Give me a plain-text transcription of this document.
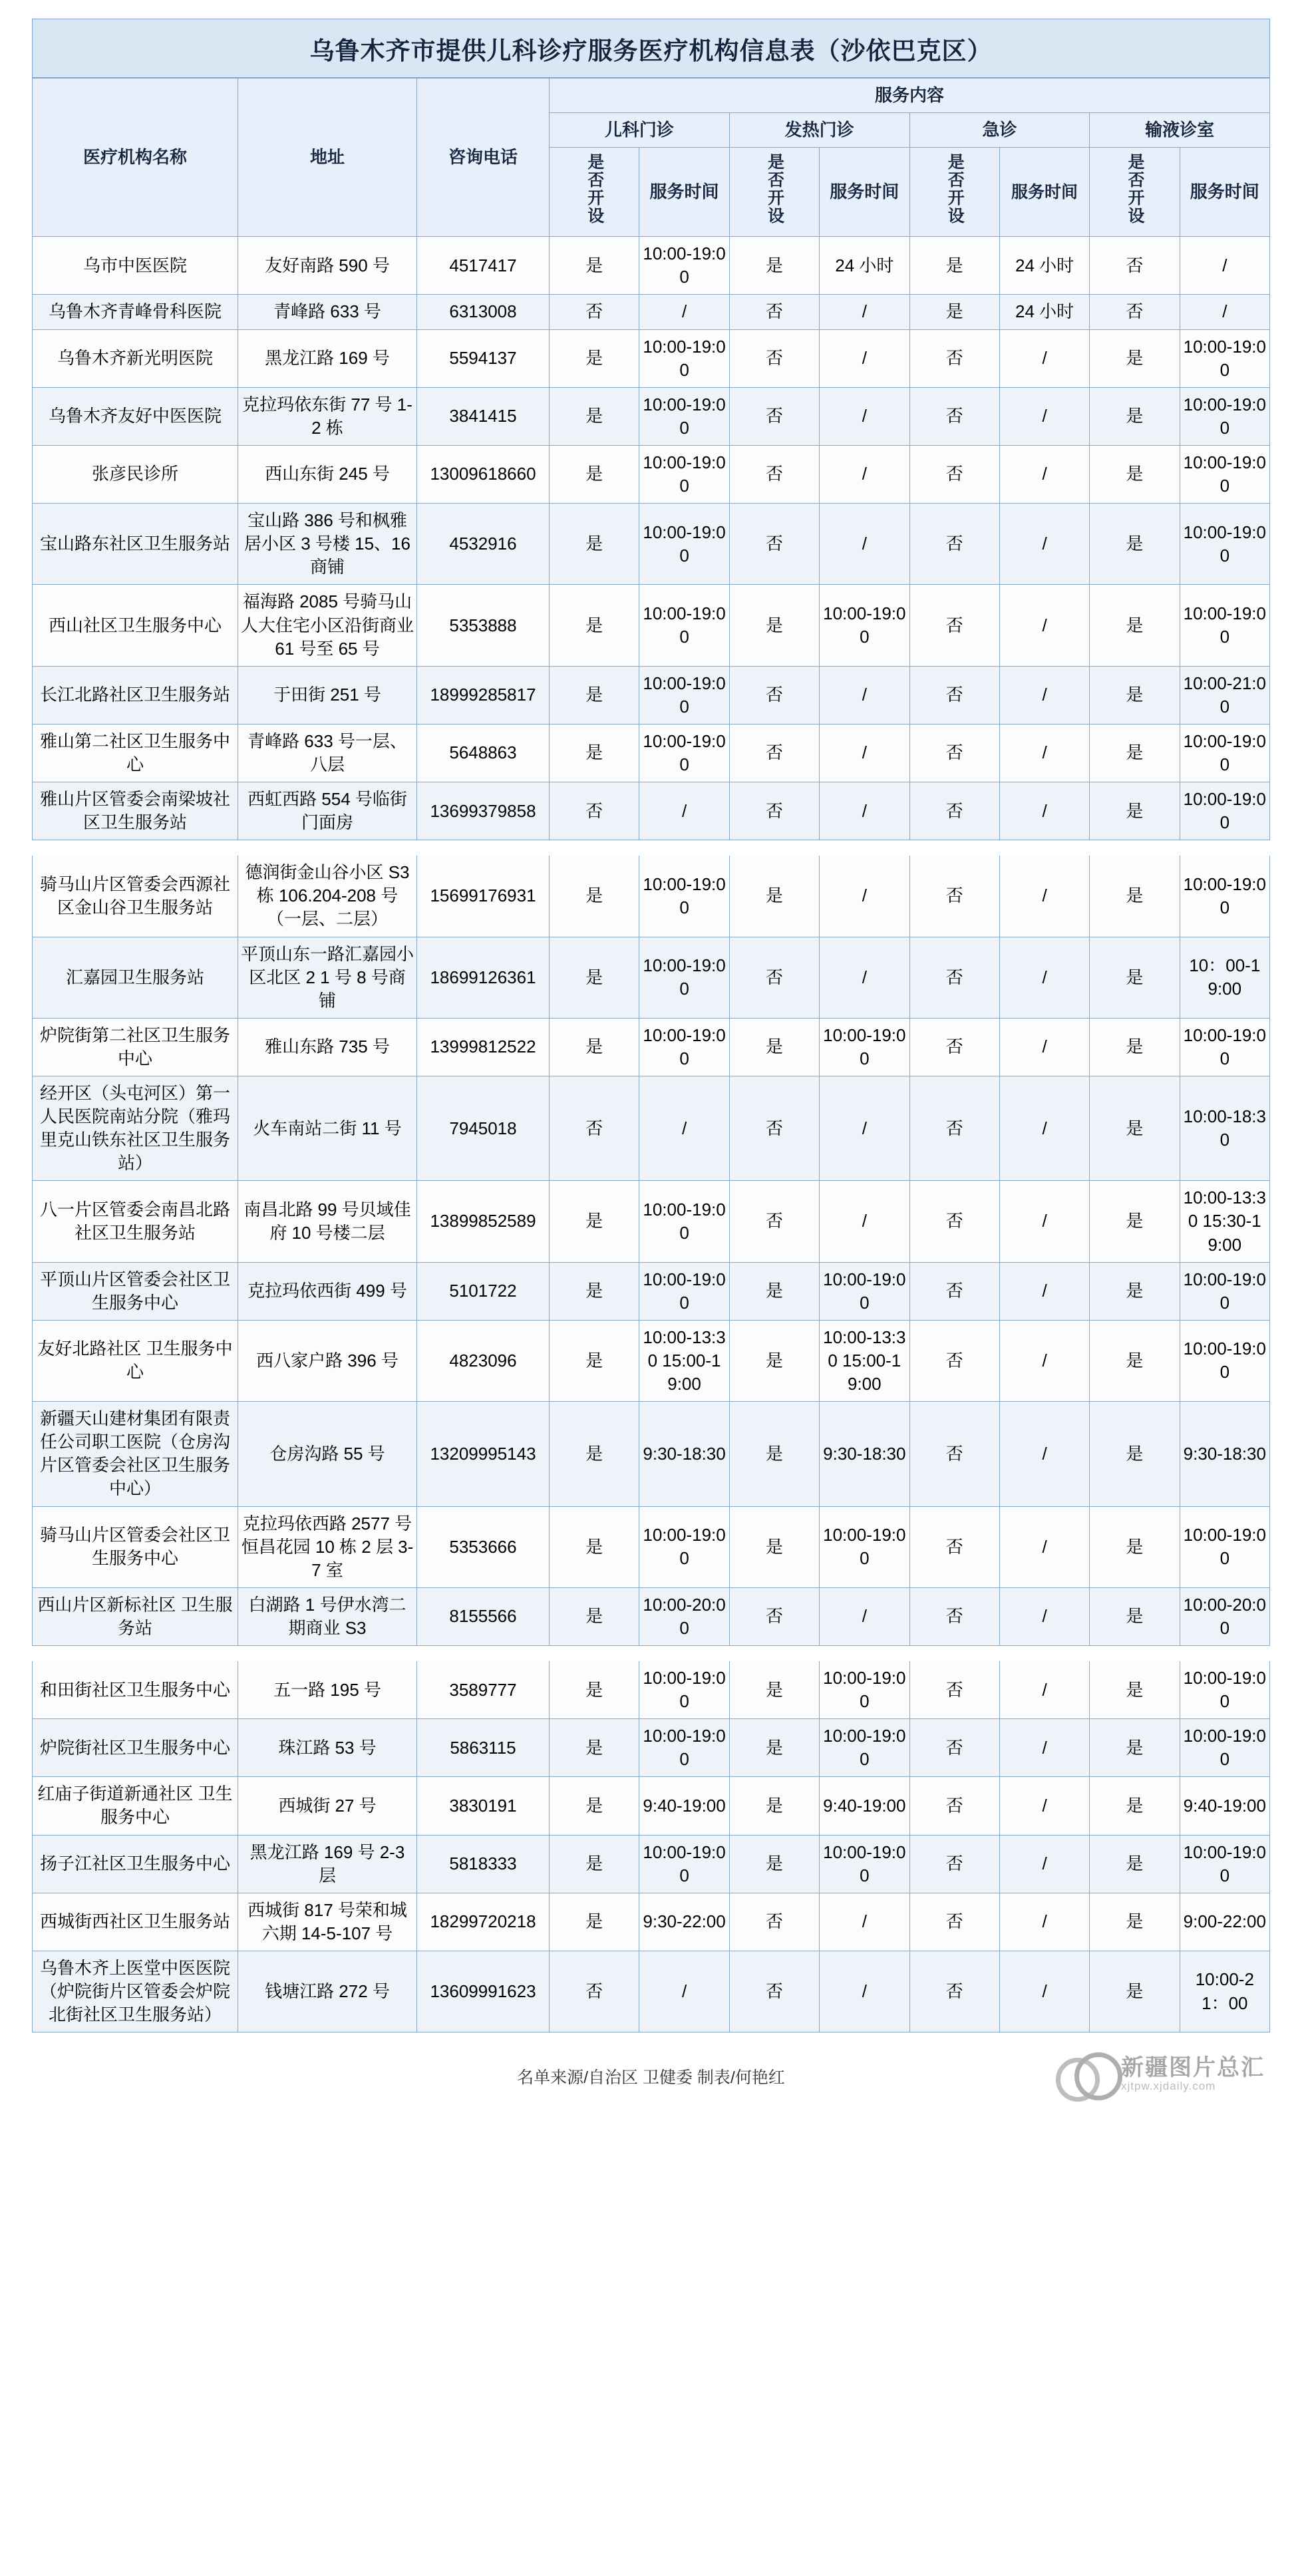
乌鲁木齐市提供儿科诊疗服务医疗机构信息表（沙依巴克区）
医疗机构名称	地址	咨询电话	服务内容							
			儿科门诊		发热门诊		急诊		输液诊室	
			是否开设	服务时间	是否开设	服务时间	是否开设	服务时间	是否开设	服务时间
乌市中医医院	友好南路 590 号	4517417	是	10:00-19:00	是	24 小时	是	24 小时	否	/
乌鲁木齐青峰骨科医院	青峰路 633 号	6313008	否	/	否	/	是	24 小时	否	/
乌鲁木齐新光明医院	黑龙江路 169 号	5594137	是	10:00-19:00	否	/	否	/	是	10:00-19:00
乌鲁木齐友好中医医院	克拉玛依东街 77 号 1-2 栋	3841415	是	10:00-19:00	否	/	否	/	是	10:00-19:00
张彦民诊所	西山东街 245 号	13009618660	是	10:00-19:00	否	/	否	/	是	10:00-19:00
宝山路东社区卫生服务站	宝山路 386 号和枫雅居小区 3 号楼 15、16 商铺	4532916	是	10:00-19:00	否	/	否	/	是	10:00-19:00
西山社区卫生服务中心	福海路 2085 号骑马山人大住宅小区沿街商业 61 号至 65 号	5353888	是	10:00-19:00	是	10:00-19:00	否	/	是	10:00-19:00
长江北路社区卫生服务站	于田街 251 号	18999285817	是	10:00-19:00	否	/	否	/	是	10:00-21:00
雅山第二社区卫生服务中心	青峰路 633 号一层、八层	5648863	是	10:00-19:00	否	/	否	/	是	10:00-19:00
雅山片区管委会南梁坡社区卫生服务站	西虹西路 554 号临街门面房	13699379858	否	/	否	/	否	/	是	10:00-19:00

骑马山片区管委会西源社区金山谷卫生服务站	德润街金山谷小区 S3 栋 106.204-208 号（一层、二层）	15699176931	是	10:00-19:00	是	/	否	/	是	10:00-19:00
汇嘉园卫生服务站	平顶山东一路汇嘉园小区北区 2 1 号 8 号商铺	18699126361	是	10:00-19:00	否	/	否	/	是	10：00-19:00
炉院街第二社区卫生服务中心	雅山东路 735 号	13999812522	是	10:00-19:00	是	10:00-19:00	否	/	是	10:00-19:00
经开区（头屯河区）第一人民医院南站分院（雅玛里克山铁东社区卫生服务站）	火车南站二街 11 号	7945018	否	/	否	/	否	/	是	10:00-18:30
八一片区管委会南昌北路社区卫生服务站	南昌北路 99 号贝域佳府 10 号楼二层	13899852589	是	10:00-19:00	否	/	否	/	是	10:00-13:30 15:30-19:00
平顶山片区管委会社区卫生服务中心	克拉玛依西街 499 号	5101722	是	10:00-19:00	是	10:00-19:00	否	/	是	10:00-19:00
友好北路社区 卫生服务中心	西八家户路 396 号	4823096	是	10:00-13:30 15:00-19:00	是	10:00-13:30 15:00-19:00	否	/	是	10:00-19:00
新疆天山建材集团有限责任公司职工医院（仓房沟片区管委会社区卫生服务中心）	仓房沟路 55 号	13209995143	是	9:30-18:30	是	9:30-18:30	否	/	是	9:30-18:30
骑马山片区管委会社区卫生服务中心	克拉玛依西路 2577 号恒昌花园 10 栋 2 层 3-7 室	5353666	是	10:00-19:00	是	10:00-19:00	否	/	是	10:00-19:00
西山片区新标社区 卫生服务站	白湖路 1 号伊水湾二期商业 S3	8155566	是	10:00-20:00	否	/	否	/	是	10:00-20:00

和田街社区卫生服务中心	五一路 195 号	3589777	是	10:00-19:00	是	10:00-19:00	否	/	是	10:00-19:00
炉院街社区卫生服务中心	珠江路 53 号	5863115	是	10:00-19:00	是	10:00-19:00	否	/	是	10:00-19:00
红庙子街道新通社区 卫生服务中心	西城街 27 号	3830191	是	9:40-19:00	是	9:40-19:00	否	/	是	9:40-19:00
扬子江社区卫生服务中心	黑龙江路 169 号 2-3 层	5818333	是	10:00-19:00	是	10:00-19:00	否	/	是	10:00-19:00
西城街西社区卫生服务站	西城街 817 号荣和城六期 14-5-107 号	18299720218	是	9:30-22:00	否	/	否	/	是	9:00-22:00
乌鲁木齐上医堂中医医院（炉院街片区管委会炉院北街社区卫生服务站）	钱塘江路 272 号	13609991623	否	/	否	/	否	/	是	10:00-21：00
名单来源/自治区 卫健委 制表/何艳红	新疆图片总汇
xjtpw.xjdaily.com
